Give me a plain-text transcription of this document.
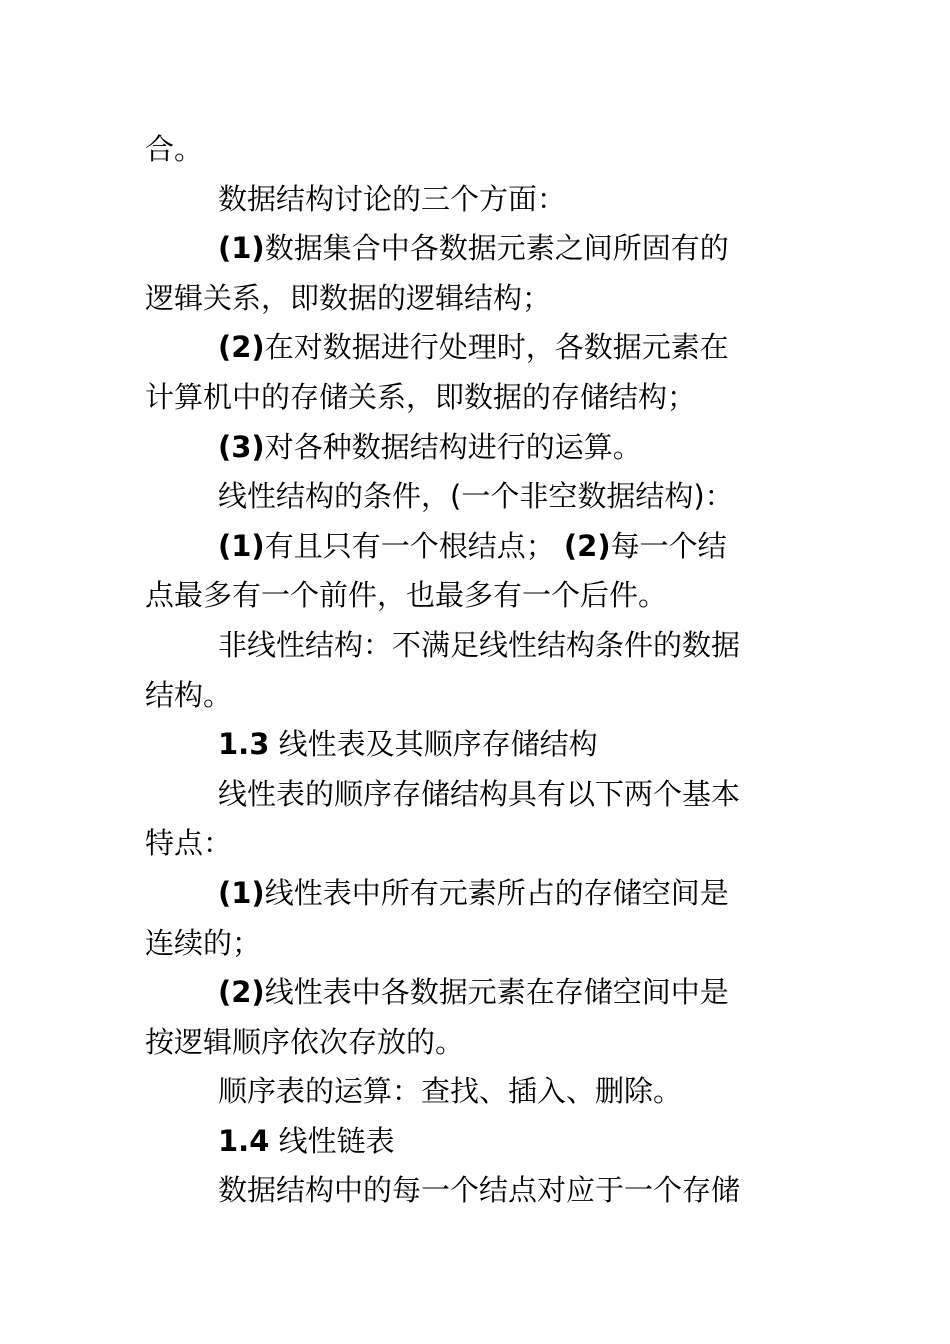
合。

数据结构讨论的三个方面：

(1)数据集合中各数据元素之间所固有的

逻辑关系，即数据的逻辑结构；

(2)在对数据进行处理时，各数据元素在

计算机中的存储关系，即数据的存储结构；

(3)对各种数据结构进行的运算。

线性结构的条件，(一个非空数据结构)：

(1)有且只有一个根结点； (2)每一个结

点最多有一个前件，也最多有一个后件。

非线性结构：不满足线性结构条件的数据

结构。

1.3 线性表及其顺序存储结构

线性表的顺序存储结构具有以下两个基本

特点：

(1)线性表中所有元素所占的存储空间是

连续的；

(2)线性表中各数据元素在存储空间中是

按逻辑顺序依次存放的。

顺序表的运算：查找、插入、删除。

1.4 线性链表

数据结构中的每一个结点对应于一个存储
